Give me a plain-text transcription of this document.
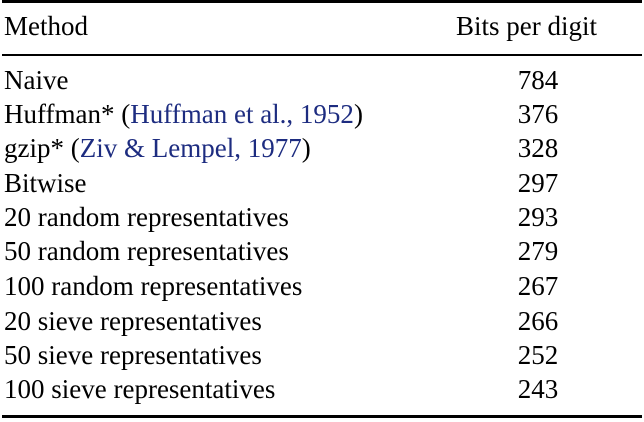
Method	Bits per digit
Naive	784
Huffman* (Huffman et al., 1952)	376
gzip* (Ziv & Lempel, 1977)	328
Bitwise	297
20 random representatives	293
50 random representatives	279
100 random representatives	267
20 sieve representatives	266
50 sieve representatives	252
100 sieve representatives	243
